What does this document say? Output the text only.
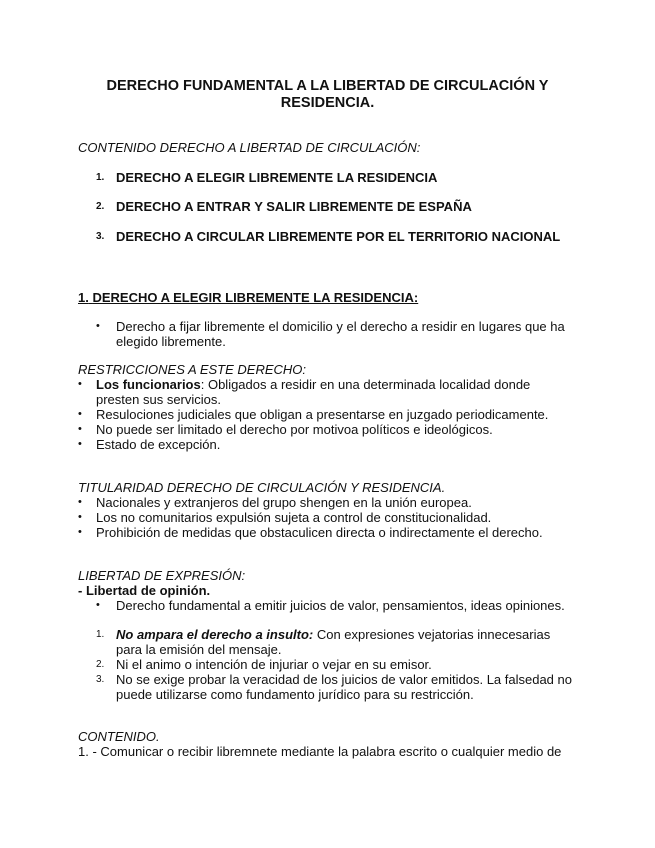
DERECHO FUNDAMENTAL A LA LIBERTAD DE CIRCULACIÓN Y RESIDENCIA.

CONTENIDO DERECHO A LIBERTAD DE CIRCULACIÓN:

1. DERECHO A ELEGIR LIBREMENTE LA RESIDENCIA
2. DERECHO A ENTRAR Y SALIR LIBREMENTE DE ESPAÑA
3. DERECHO A CIRCULAR LIBREMENTE POR EL TERRITORIO NACIONAL

1. DERECHO A ELEGIR LIBREMENTE LA RESIDENCIA:

• Derecho a fijar libremente el domicilio y el derecho a residir en lugares que ha elegido libremente.

RESTRICCIONES A ESTE DERECHO:

• Los funcionarios: Obligados a residir en una determinada localidad donde presten sus servicios.
• Resulociones judiciales que obligan a presentarse en juzgado periodicamente.
• No puede ser limitado el derecho por motivoa políticos e ideológicos.
• Estado de excepción.

TITULARIDAD DERECHO DE CIRCULACIÓN Y RESIDENCIA.

• Nacionales y extranjeros del grupo shengen en la unión europea.
• Los no comunitarios expulsión sujeta a control de constitucionalidad.
• Prohibición de medidas que obstaculicen directa o indirectamente el derecho.

LIBERTAD DE EXPRESIÓN:

- Libertad de opinión.

• Derecho fundamental a emitir juicios de valor, pensamientos, ideas opiniones.
1. No ampara el derecho a insulto: Con expresiones vejatorias innecesarias para la emisión del mensaje.
2. Ni el animo o intención de injuriar o vejar en su emisor.
3. No se exige probar la veracidad de los juicios de valor emitidos. La falsedad no puede utilizarse como fundamento jurídico para su restricción.

CONTENIDO.

1. - Comunicar o recibir libremnete mediante la palabra escrito o cualquier medio de
